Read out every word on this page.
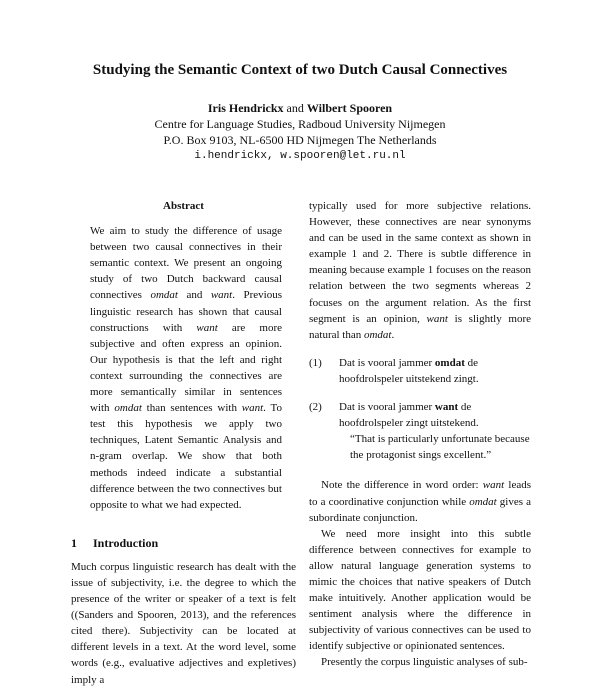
Studying the Semantic Context of two Dutch Causal Connectives
Iris Hendrickx and Wilbert Spooren
Centre for Language Studies, Radboud University Nijmegen
P.O. Box 9103, NL-6500 HD Nijmegen The Netherlands
i.hendrickx, w.spooren@let.ru.nl
Abstract

We aim to study the difference of usage between two causal connectives in their semantic context. We present an ongoing study of two Dutch backward causal connectives omdat and want. Previous linguistic research has shown that causal constructions with want are more subjective and often express an opinion. Our hypothesis is that the left and right context surrounding the connectives are more semantically similar in sentences with omdat than sentences with want. To test this hypothesis we apply two techniques, Latent Semantic Analysis and n-gram overlap. We show that both methods indeed indicate a substantial difference between the two connectives but opposite to what we had expected.

1 Introduction

Much corpus linguistic research has dealt with the issue of subjectivity, i.e. the degree to which the presence of the writer or speaker of a text is felt ((Sanders and Spooren, 2013), and the references cited there). Subjectivity can be located at different levels in a text. At the word level, some words (e.g., evaluative adjectives and expletives) imply a

typically used for more subjective relations. However, these connectives are near synonyms and can be used in the same context as shown in example 1 and 2. There is subtle difference in meaning because example 1 focuses on the reason relation between the two segments whereas 2 focuses on the argument relation. As the first segment is an opinion, want is slightly more natural than omdat.

(1)	Dat is vooral jammer omdat de hoofdrolspeler uitstekend zingt.
(2)	Dat is vooral jammer want de hoofdrolspeler zingt uitstekend.
“That is particularly unfortunate because the protagonist sings excellent.”

Note the difference in word order: want leads to a coordinative conjunction while omdat gives a subordinate conjunction.

We need more insight into this subtle difference between connectives for example to allow natural language generation systems to mimic the choices that native speakers of Dutch make intuitively. Another application would be sentiment analysis where the difference in subjectivity of various connectives can be used to identify subjective or opinionated sentences.

Presently the corpus linguistic analyses of sub-
